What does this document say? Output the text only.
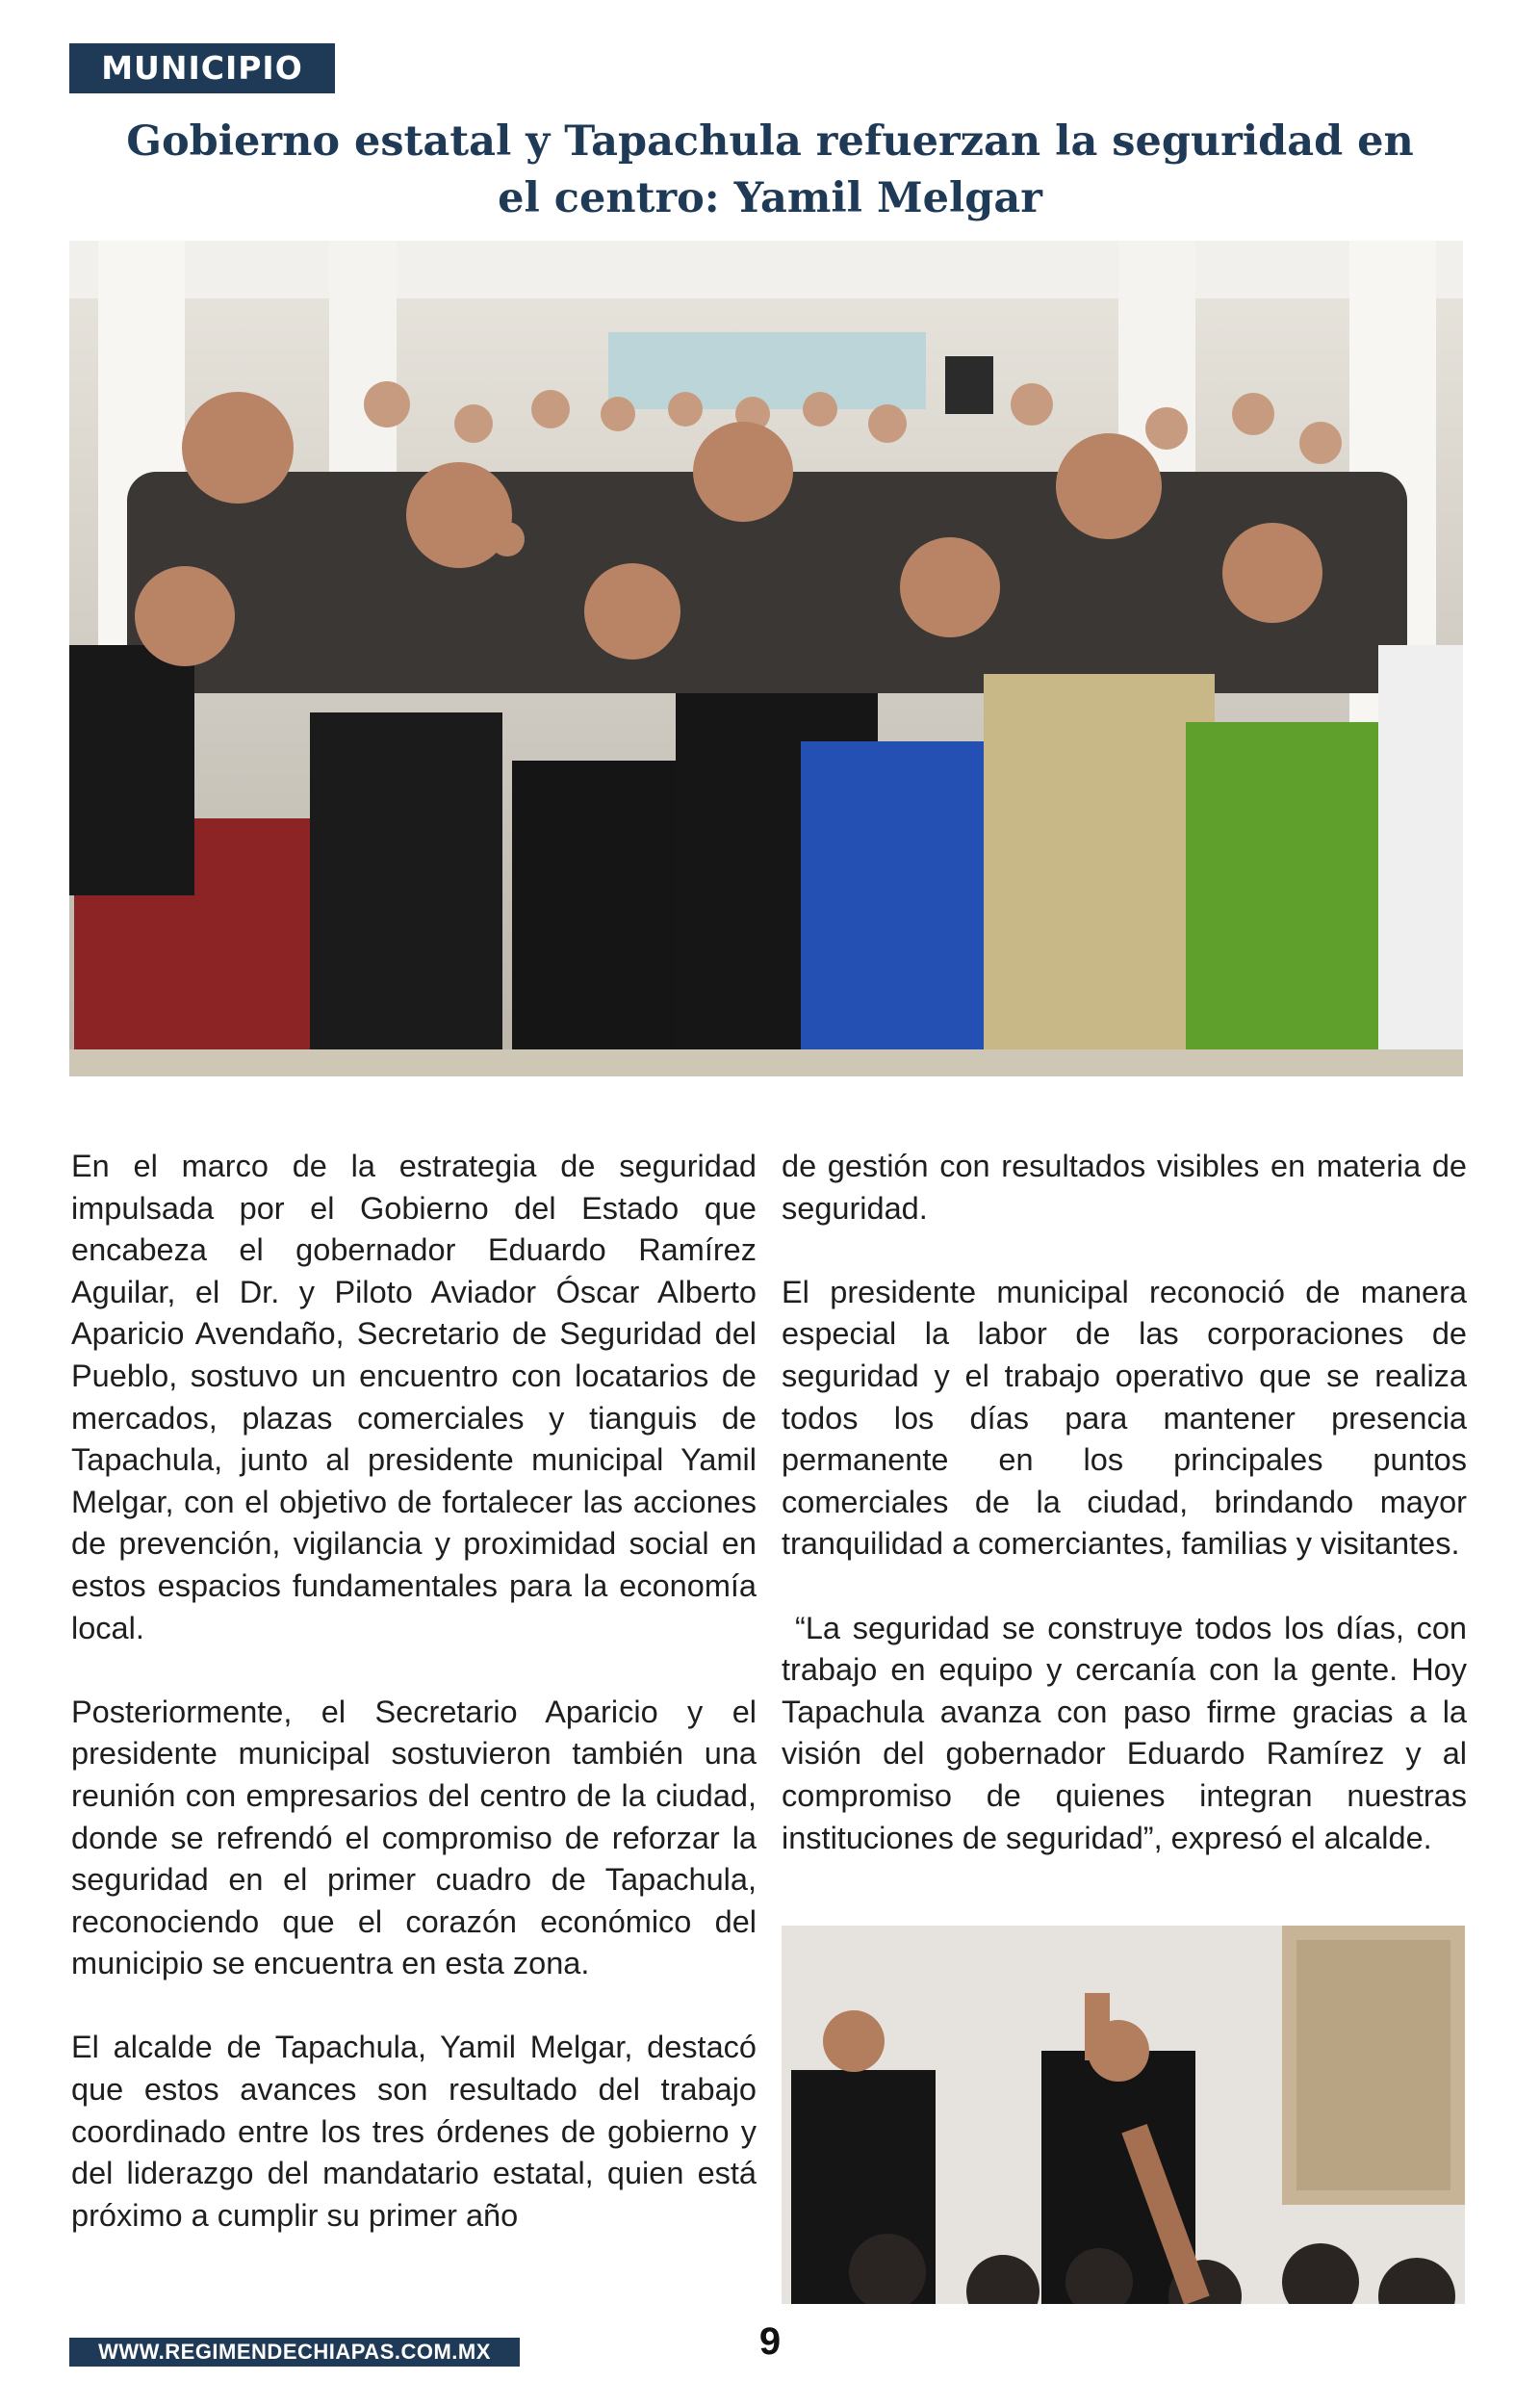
MUNICIPIO
Gobierno estatal y Tapachula refuerzan la seguridad en el centro: Yamil Melgar

En el marco de la estrategia de seguridad impulsada por el Gobierno del Estado que encabeza el gobernador Eduardo Ramírez Aguilar, el Dr. y Piloto Aviador Óscar Alberto Aparicio Avendaño, Secretario de Seguridad del Pueblo, sostuvo un encuentro con locatarios de mercados, plazas comerciales y tianguis de Tapachula, junto al presidente municipal Yamil Melgar, con el objetivo de fortalecer las acciones de prevención, vigilancia y proximidad social en estos espacios fundamentales para la economía local.

Posteriormente, el Secretario Aparicio y el presidente municipal sostuvieron también una reunión con empresarios del centro de la ciudad, donde se refrendó el compromiso de reforzar la seguridad en el primer cuadro de Tapachula, reconociendo que el corazón económico del municipio se encuentra en esta zona.

El alcalde de Tapachula, Yamil Melgar, destacó que estos avances son resultado del trabajo coordinado entre los tres órdenes de gobierno y del liderazgo del mandatario estatal, quien está próximo a cumplir su primer año

de gestión con resultados visibles en materia de seguridad.

El presidente municipal reconoció de manera especial la labor de las corporaciones de seguridad y el trabajo operativo que se realiza todos los días para mantener presencia permanente en los principales puntos comerciales de la ciudad, brindando mayor tranquilidad a comerciantes, familias y visitantes.

“La seguridad se construye todos los días, con trabajo en equipo y cercanía con la gente. Hoy Tapachula avanza con paso firme gracias a la visión del gobernador Eduardo Ramírez y al compromiso de quienes integran nuestras instituciones de seguridad”, expresó el alcalde.

WWW.REGIMENDECHIAPAS.COM.MX	9
